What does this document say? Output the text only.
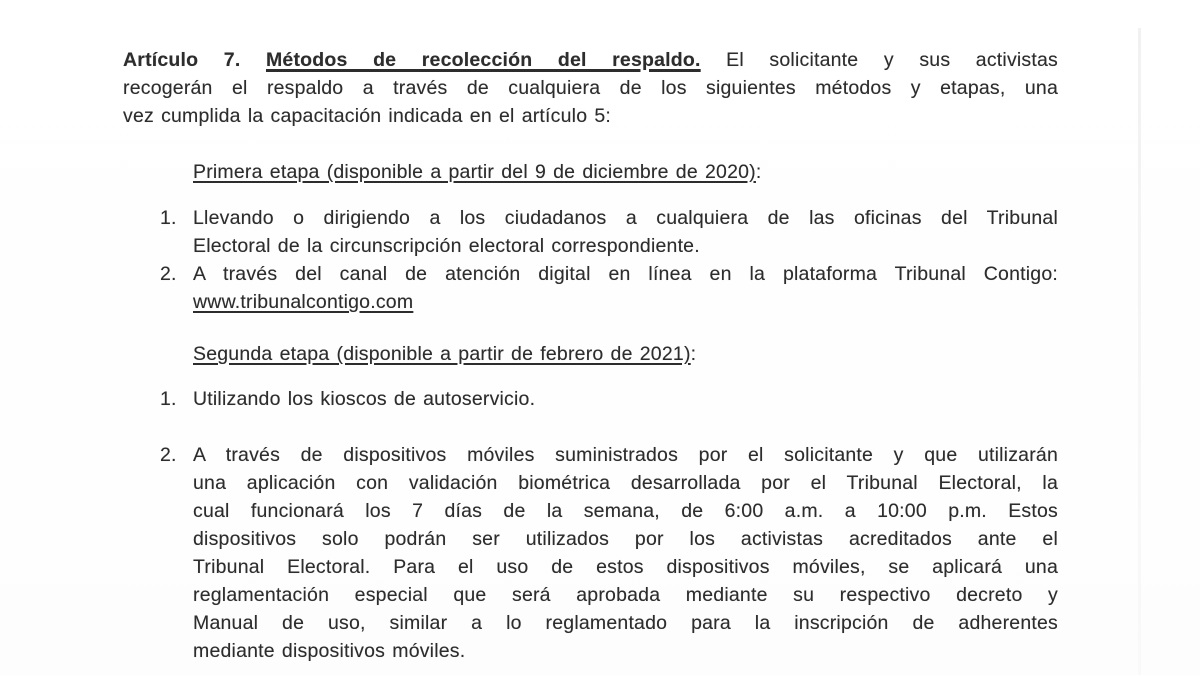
Artículo 7. Métodos de recolección del respaldo. El solicitante y sus activistas
recogerán el respaldo a través de cualquiera de los siguientes métodos y etapas, una
vez cumplida la capacitación indicada en el artículo 5:
Primera etapa (disponible a partir del 9 de diciembre de 2020):
1. Llevando o dirigiendo a los ciudadanos a cualquiera de las oficinas del Tribunal
Electoral de la circunscripción electoral correspondiente.
2. A través del canal de atención digital en línea en la plataforma Tribunal Contigo:
www.tribunalcontigo.com
Segunda etapa (disponible a partir de febrero de 2021):
1. Utilizando los kioscos de autoservicio.
2. A través de dispositivos móviles suministrados por el solicitante y que utilizarán
una aplicación con validación biométrica desarrollada por el Tribunal Electoral, la
cual funcionará los 7 días de la semana, de 6:00 a.m. a 10:00 p.m. Estos
dispositivos solo podrán ser utilizados por los activistas acreditados ante el
Tribunal Electoral. Para el uso de estos dispositivos móviles, se aplicará una
reglamentación especial que será aprobada mediante su respectivo decreto y
Manual de uso, similar a lo reglamentado para la inscripción de adherentes
mediante dispositivos móviles.
